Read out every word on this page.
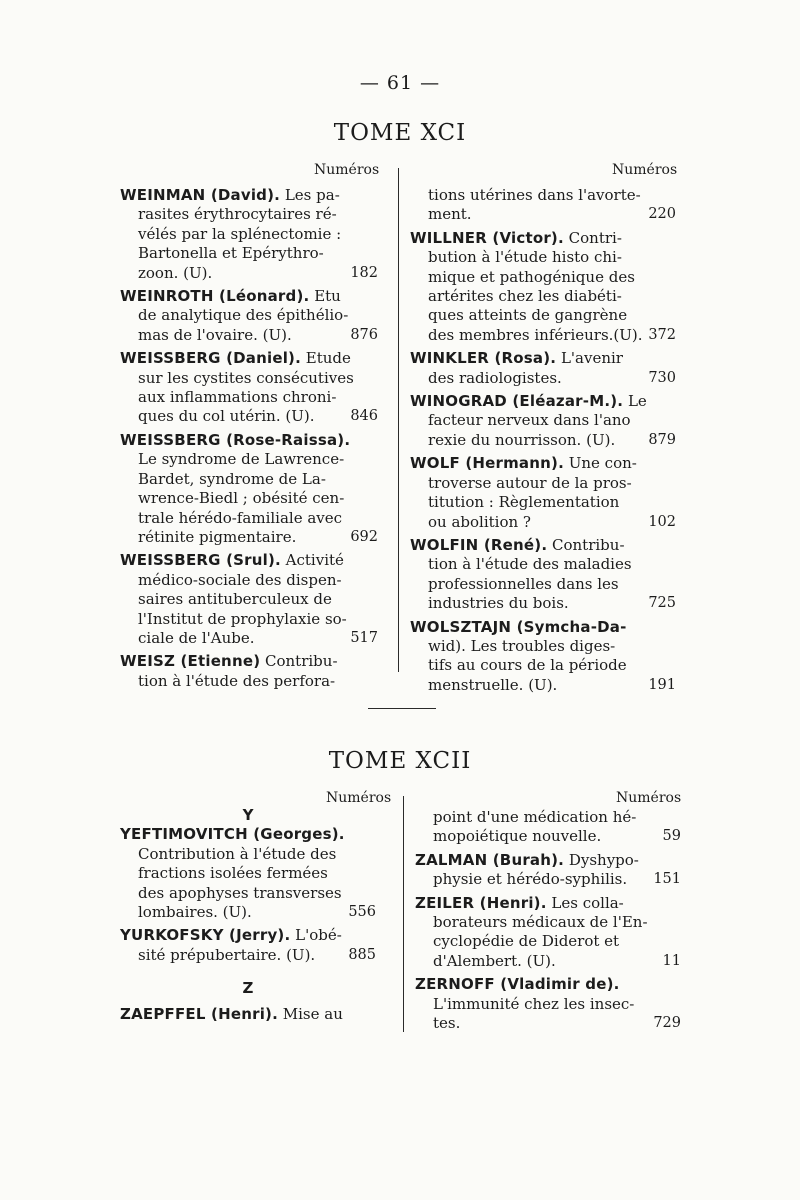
— 61 —
TOME XCI
Numéros	Numéros
WEINMAN (David). Les pa-
rasites érythrocytaires ré-
vélés par la splénectomie :
Bartonella et Epérythro-
zoon. (U).	182
WEINROTH (Léonard). Etu
de analytique des épithélio-
mas de l'ovaire. (U).	876
WEISSBERG (Daniel). Etude
sur les cystites consécutives
aux inflammations chroni-
ques du col utérin. (U). 846
WEISSBERG (Rose-Raissa).
Le syndrome de Lawrence-
Bardet, syndrome de La-
wrence-Biedl ; obésité cen-
trale hérédo-familiale avec
rétinite pigmentaire.	692
WEISSBERG (Srul). Activité
médico-sociale des dispen-
saires antituberculeux de
l'Institut de prophylaxie so-
ciale de l'Aube.	517
WEISZ (Etienne) Contribu-
tion à l'étude des perfora-
tions utérines dans l'avorte-
ment.	220
WILLNER (Victor). Contri-
bution à l'étude histo chi-
mique et pathogénique des
artérites chez les diabéti-
ques atteints de gangrène
des membres inférieurs.(U). 372
WINKLER (Rosa). L'avenir
des radiologistes.	730
WINOGRAD (Eléazar-M.). Le
facteur nerveux dans l'ano
rexie du nourrisson. (U). 879
WOLF (Hermann). Une con-
troverse autour de la pros-
titution : Règlementation
ou abolition ?	102
WOLFIN (René). Contribu-
tion à l'étude des maladies
professionnelles dans les
industries du bois.	725
WOLSZTAJN (Symcha-Da-
wid). Les troubles diges-
tifs au cours de la période
menstruelle. (U).	191
TOME XCII
Numéros	Numéros
Y
YEFTIMOVITCH (Georges).
Contribution à l'étude des
fractions isolées fermées
des apophyses transverses
lombaires. (U).	556
YURKOFSKY (Jerry). L'obé-
sité prépubertaire. (U). 885
Z
ZAEPFFEL (Henri). Mise au
point d'une médication hé-
mopoiétique nouvelle.	59
ZALMAN (Burah). Dyshypo-
physie et hérédo-syphilis. 151
ZEILER (Henri). Les colla-
borateurs médicaux de l'En-
cyclopédie de Diderot et
d'Alembert. (U).	11
ZERNOFF (Vladimir de).
L'immunité chez les insec-
tes.	729
